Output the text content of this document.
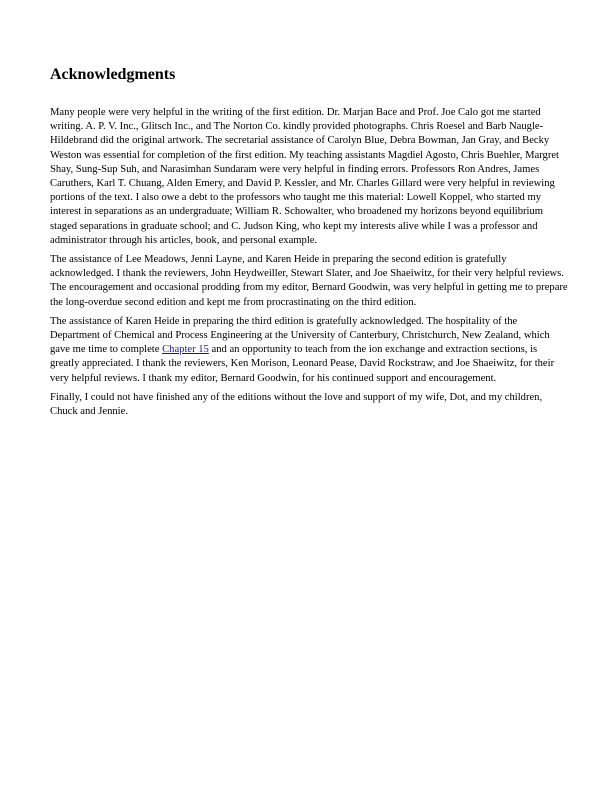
Acknowledgments

Many people were very helpful in the writing of the first edition. Dr. Marjan Bace and Prof. Joe Calo got me started writing. A. P. V. Inc., Glitsch Inc., and The Norton Co. kindly provided photographs. Chris Roesel and Barb Naugle-Hildebrand did the original artwork. The secretarial assistance of Carolyn Blue, Debra Bowman, Jan Gray, and Becky Weston was essential for completion of the first edition. My teaching assistants Magdiel Agosto, Chris Buehler, Margret Shay, Sung-Sup Suh, and Narasimhan Sundaram were very helpful in finding errors. Professors Ron Andres, James Caruthers, Karl T. Chuang, Alden Emery, and David P. Kessler, and Mr. Charles Gillard were very helpful in reviewing portions of the text. I also owe a debt to the professors who taught me this material: Lowell Koppel, who started my interest in separations as an undergraduate; William R. Schowalter, who broadened my horizons beyond equilibrium staged separations in graduate school; and C. Judson King, who kept my interests alive while I was a professor and administrator through his articles, book, and personal example.

The assistance of Lee Meadows, Jenni Layne, and Karen Heide in preparing the second edition is gratefully acknowledged. I thank the reviewers, John Heydweiller, Stewart Slater, and Joe Shaeiwitz, for their very helpful reviews. The encouragement and occasional prodding from my editor, Bernard Goodwin, was very helpful in getting me to prepare the long-overdue second edition and kept me from procrastinating on the third edition.

The assistance of Karen Heide in preparing the third edition is gratefully acknowledged. The hospitality of the Department of Chemical and Process Engineering at the University of Canterbury, Christchurch, New Zealand, which gave me time to complete Chapter 15 and an opportunity to teach from the ion exchange and extraction sections, is greatly appreciated. I thank the reviewers, Ken Morison, Leonard Pease, David Rockstraw, and Joe Shaeiwitz, for their very helpful reviews. I thank my editor, Bernard Goodwin, for his continued support and encouragement.

Finally, I could not have finished any of the editions without the love and support of my wife, Dot, and my children, Chuck and Jennie.
